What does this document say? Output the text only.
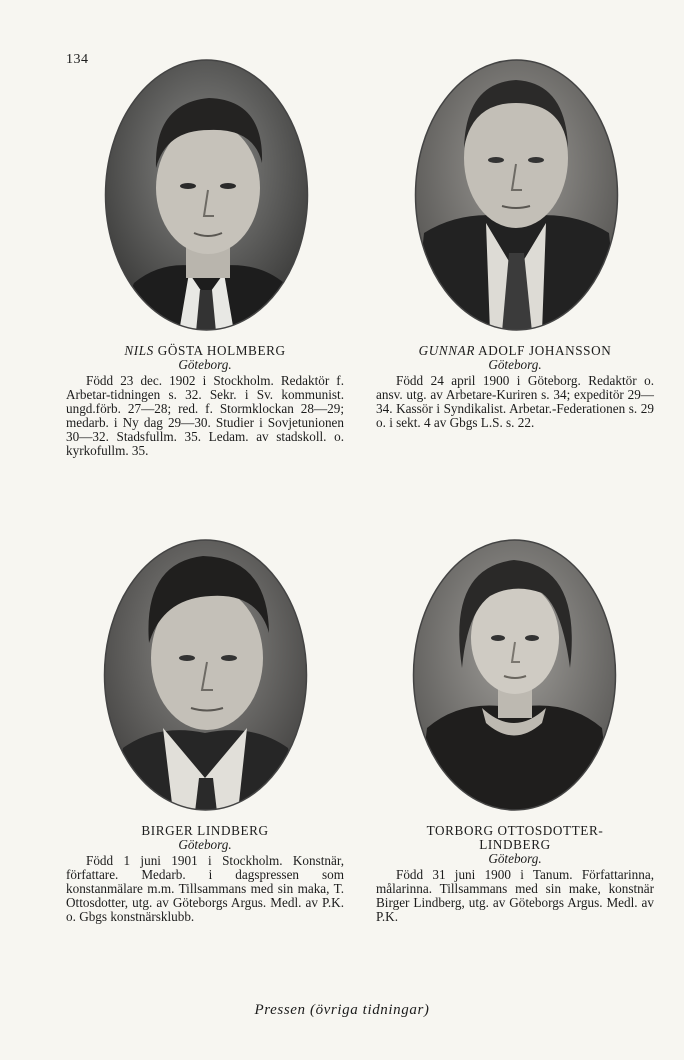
134
NILS GÖSTA HOLMBERG
Göteborg.
Född 23 dec. 1902 i Stockholm. Redaktör f. Arbetar-tidningen s. 32. Sekr. i Sv. kommunist. ungd.förb. 27—28; red. f. Stormklockan 28—29; medarb. i Ny dag 29—30. Studier i Sovjetunionen 30—32. Stadsfullm. 35. Ledam. av stadskoll. o. kyrkofullm. 35.
GUNNAR ADOLF JOHANSSON
Göteborg.
Född 24 april 1900 i Göteborg. Redaktör o. ansv. utg. av Arbetare-Kuriren s. 34; expeditör 29—34. Kassör i Syndikalist. Arbetar.-Federationen s. 29 o. i sekt. 4 av Gbgs L.S. s. 22.
BIRGER LINDBERG
Göteborg.
Född 1 juni 1901 i Stockholm. Konstnär, författare. Medarb. i dagspressen som konstanmälare m.m. Tillsammans med sin maka, T. Ottosdotter, utg. av Göteborgs Argus. Medl. av P.K. o. Gbgs konstnärsklubb.
TORBORG OTTOSDOTTER-LINDBERG
Göteborg.
Född 31 juni 1900 i Tanum. Författarinna, målarinna. Tillsammans med sin make, konstnär Birger Lindberg, utg. av Göteborgs Argus. Medl. av P.K.
Pressen (övriga tidningar)
